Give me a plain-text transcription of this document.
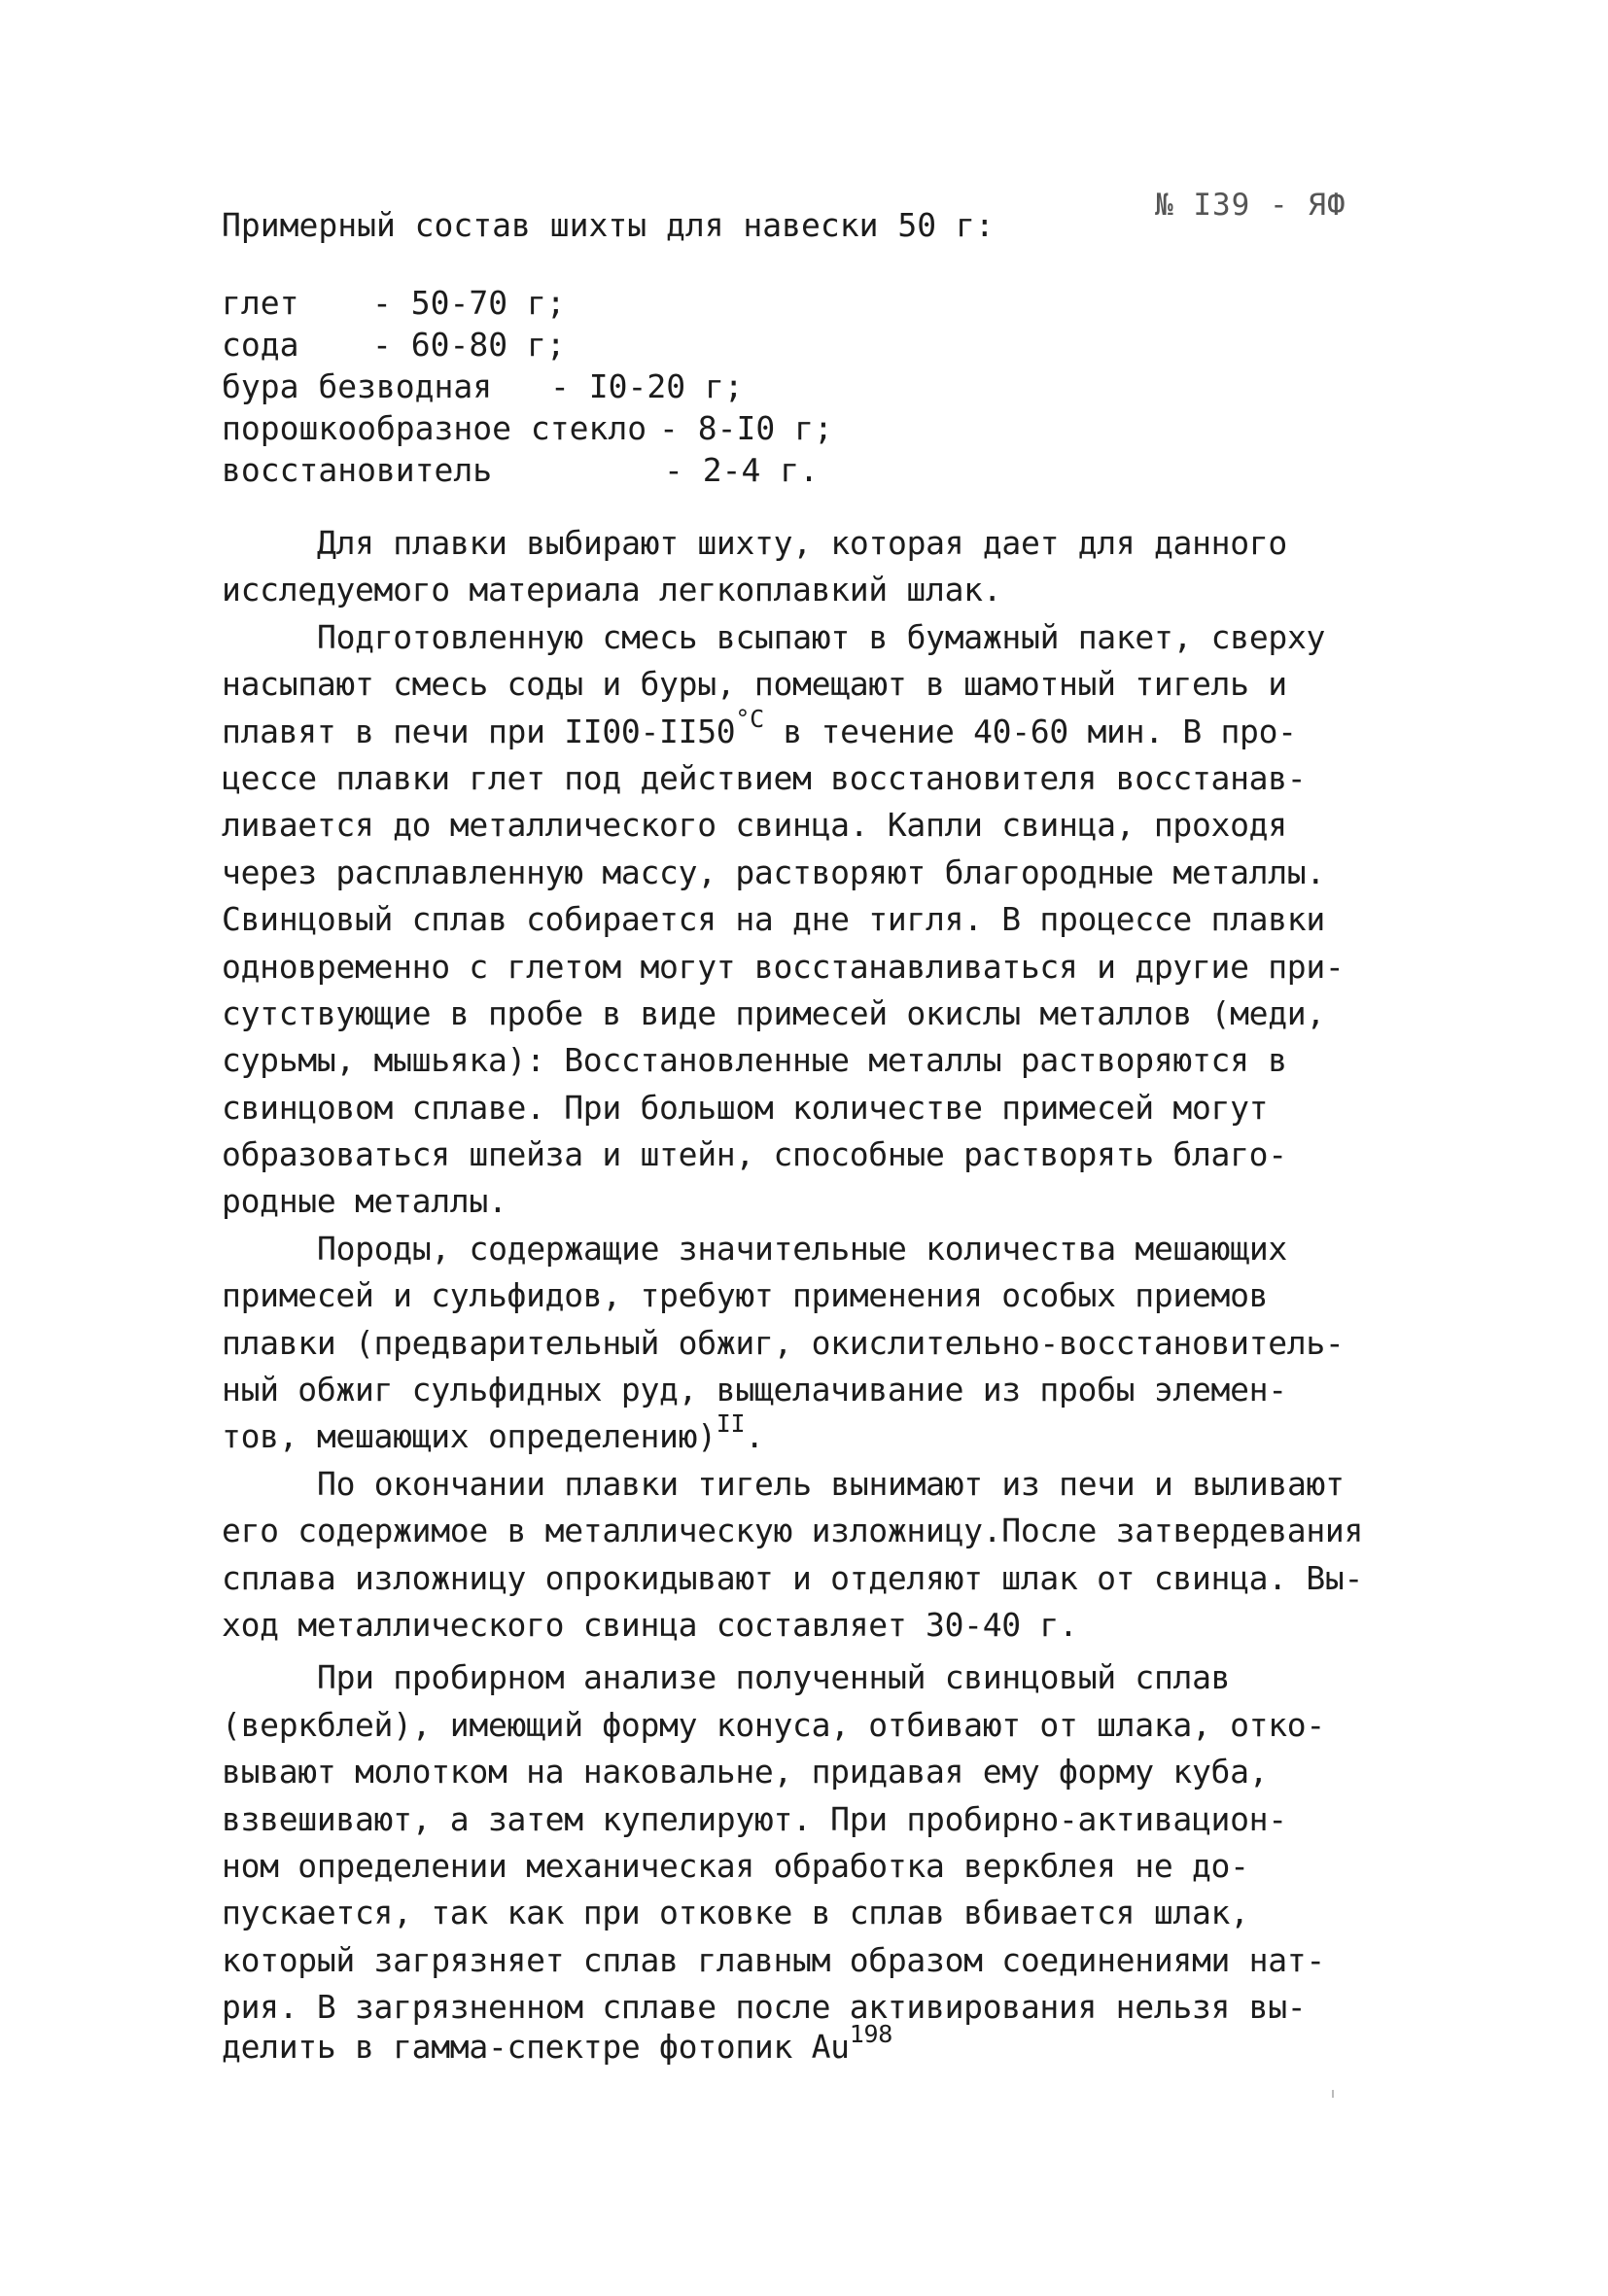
№ I39 - ЯФ
Примерный состав шихты для навески 50 г:
глет - 50-70 г;
сода - 60-80 г;
бура безводная - I0-20 г;
порошкообразное стекло - 8-I0 г;
восстановитель	- 2-4 г.
Для плавки выбирают шихту, которая дает для данного
исследуемого материала легкоплавкий шлак.
Подготовленную смесь всыпают в бумажный пакет, сверху
насыпают смесь соды и буры, помещают в шамотный тигель и
плавят в печи при $II00-II50^{^\circ C}$ в течение 40-60 мин. В про-
цессе плавки глет под действием восстановителя восстанав-
ливается до металлического свинца. Капли свинца, проходя
через расплавленную массу, растворяют благородные металлы.
Свинцовый сплав собирается на дне тигля. В процессе плавки
одновременно с глетом могут восстанавливаться и другие при-
сутствующие в пробе в виде примесей окислы металлов (меди,
сурьмы, мышьяка): Восстановленные металлы растворяются в
свинцовом сплаве. При большом количестве примесей могут
образоваться шпейза и штейн, способные растворять благо-
родные металлы.
Породы, содержащие значительные количества мешающих
примесей и сульфидов, требуют применения особых приемов
плавки (предварительный обжиг, окислительно-восстановитель-
ный обжиг сульфидных руд, выщелачивание из пробы элемен-
тов, мешающих определению)$^{II}$.
По окончании плавки тигель вынимают из печи и выливают
его содержимое в металлическую изложницу.После затвердевания
сплава изложницу опрокидывают и отделяют шлак от свинца. Вы-
ход металлического свинца составляет 30-40 г.
При пробирном анализе полученный свинцовый сплав
(веркблей), имеющий форму конуса, отбивают от шлака, отко-
вывают молотком на наковальне, придавая ему форму куба,
взвешивают, а затем купелируют. При пробирно-активацион-
ном определении механическая обработка веркблея не до-
пускается, так как при отковке в сплав вбивается шлак,
который загрязняет сплав главным образом соединениями нат-
рия. В загрязненном сплаве после активирования нельзя вы-
делить в гамма-спектре фотопик Au$^{198}$
